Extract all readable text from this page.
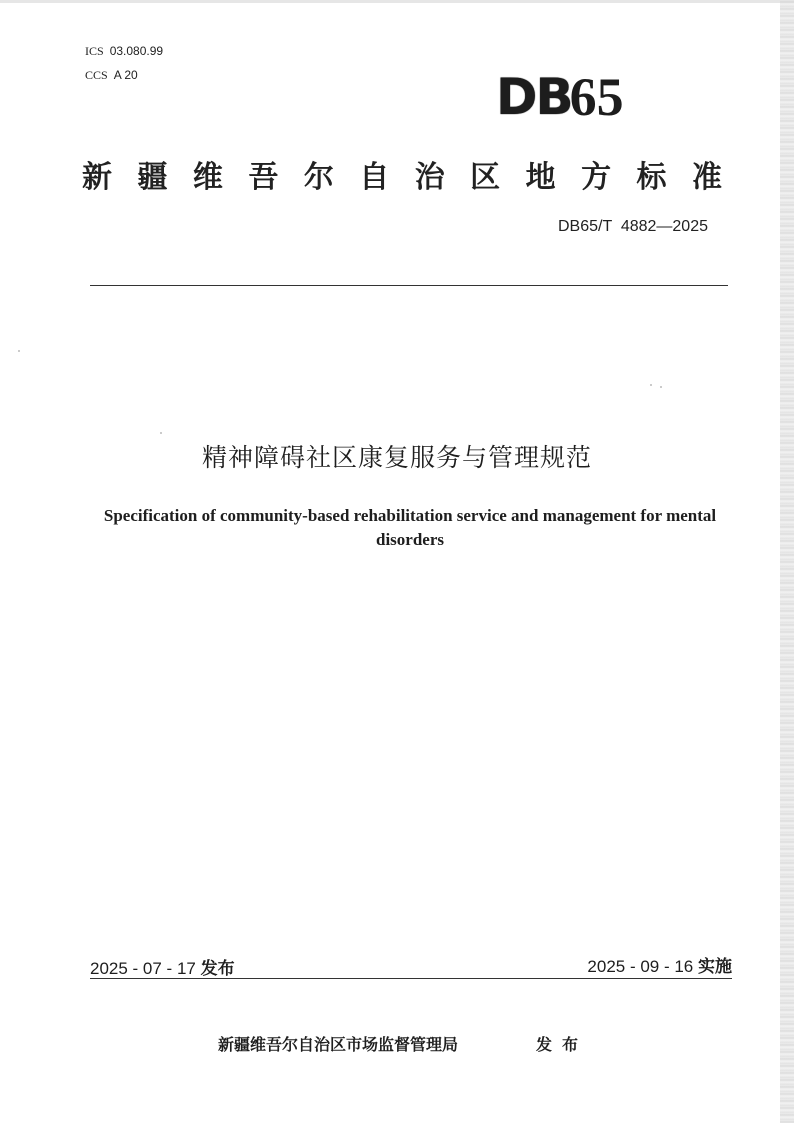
ICS 03.080.99
CCS A 20	DB
65
新 疆 维 吾 尔 自 治 区 地 方 标 准
DB65/T  4882—2025
精神障碍社区康复服务与管理规范
Specification of community-based rehabilitation service and management for mental
disorders
2025 - 07 - 17 发布	2025 - 09 - 16 实施
新疆维吾尔自治区市场监督管理局	发布
